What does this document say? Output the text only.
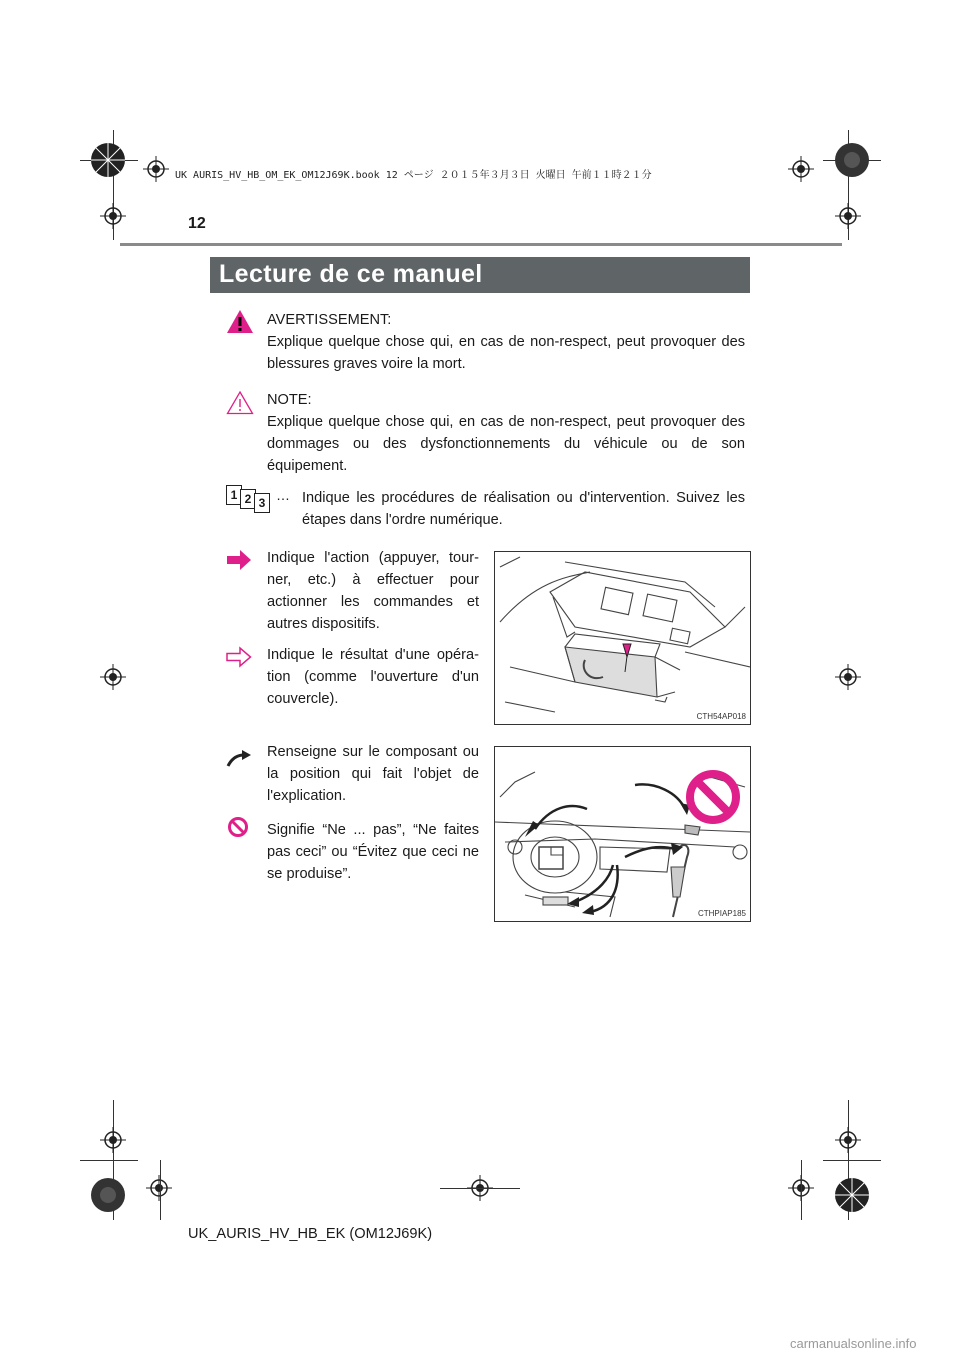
UK AURIS_HV_HB_OM_EK_OM12J69K.book 12 ページ ２０１５年３月３日 火曜日 午前１１時２１分
12
Lecture de ce manuel

AVERTISSEMENT:

Explique quelque chose qui, en cas de non-respect, peut provoquer des blessures graves voire la mort.

NOTE:

Explique quelque chose qui, en cas de non-respect, peut provoquer des dommages ou des dysfonctionnements du véhicule ou de son équipement.

1 2 3 … Indique les procédures de réalisation ou d'intervention. Suivez les étapes dans l'ordre numérique.
Indique l'action (appuyer, tour-ner, etc.) à effectuer pour actionner les commandes et autres dispositifs.
Indique le résultat d'une opéra-tion (comme l'ouverture d'un couvercle).
CTH54AP018
Renseigne sur le composant ou la position qui fait l'objet de l'explication.
Signifie “Ne ... pas”, “Ne faites pas ceci” ou “Évitez que ceci ne se produise”.
CTHPIAP185
UK_AURIS_HV_HB_EK (OM12J69K)
carmanualsonline.info
